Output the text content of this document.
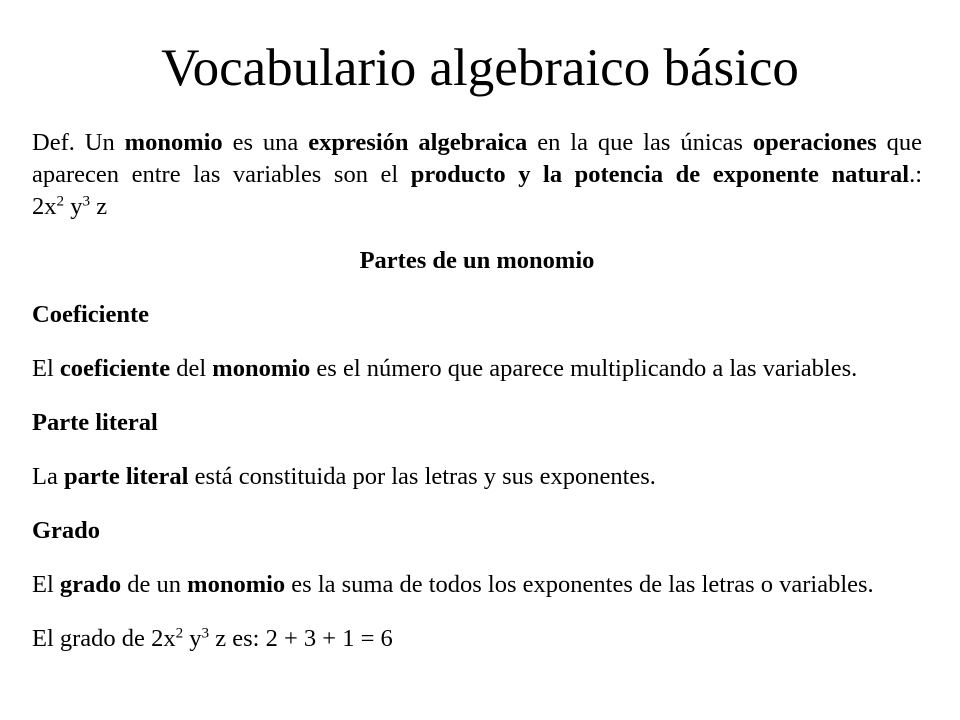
Vocabulario algebraico básico

Def. Un monomio es una expresión algebraica en la que las únicas operaciones que aparecen entre las variables son el producto y la potencia de exponente natural.: $2x^2$ $y^3$ z

Partes de un monomio

Coeficiente

El coeficiente del monomio es el número que aparece multiplicando a las variables.

Parte literal

La parte literal está constituida por las letras y sus exponentes.

Grado

El grado de un monomio es la suma de todos los exponentes de las letras o variables.

El grado de $2x^2$ $y^3$ z es: 2 + 3 + 1 = 6
